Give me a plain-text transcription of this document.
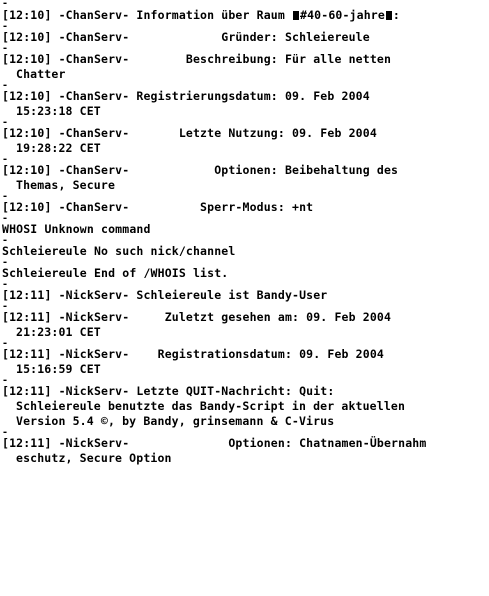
-
[12:10] -ChanServ- Information über Raum #40-60-jahre :
-
[12:10] -ChanServ-             Gründer: Schleiereule
-
[12:10] -ChanServ-        Beschreibung: Für alle netten
Chatter
-
[12:10] -ChanServ- Registrierungsdatum: 09. Feb 2004
15:23:18 CET
-
[12:10] -ChanServ-       Letzte Nutzung: 09. Feb 2004
19:28:22 CET
-
[12:10] -ChanServ-            Optionen: Beibehaltung des
Themas, Secure
-
[12:10] -ChanServ-          Sperr-Modus: +nt
-
WHOSI Unknown command
-
Schleiereule No such nick/channel
-
Schleiereule End of /WHOIS list.
-
[12:11] -NickServ- Schleiereule ist Bandy-User
-
[12:11] -NickServ-     Zuletzt gesehen am: 09. Feb 2004
21:23:01 CET
-
[12:11] -NickServ-    Registrationsdatum: 09. Feb 2004
15:16:59 CET
-
[12:11] -NickServ- Letzte QUIT-Nachricht: Quit:
Schleiereule benutzte das Bandy-Script in der aktuellen
Version 5.4 ©, by Bandy, grinsemann & C-Virus
-
[12:11] -NickServ-              Optionen: Chatnamen-Übernahm
eschutz, Secure Option
